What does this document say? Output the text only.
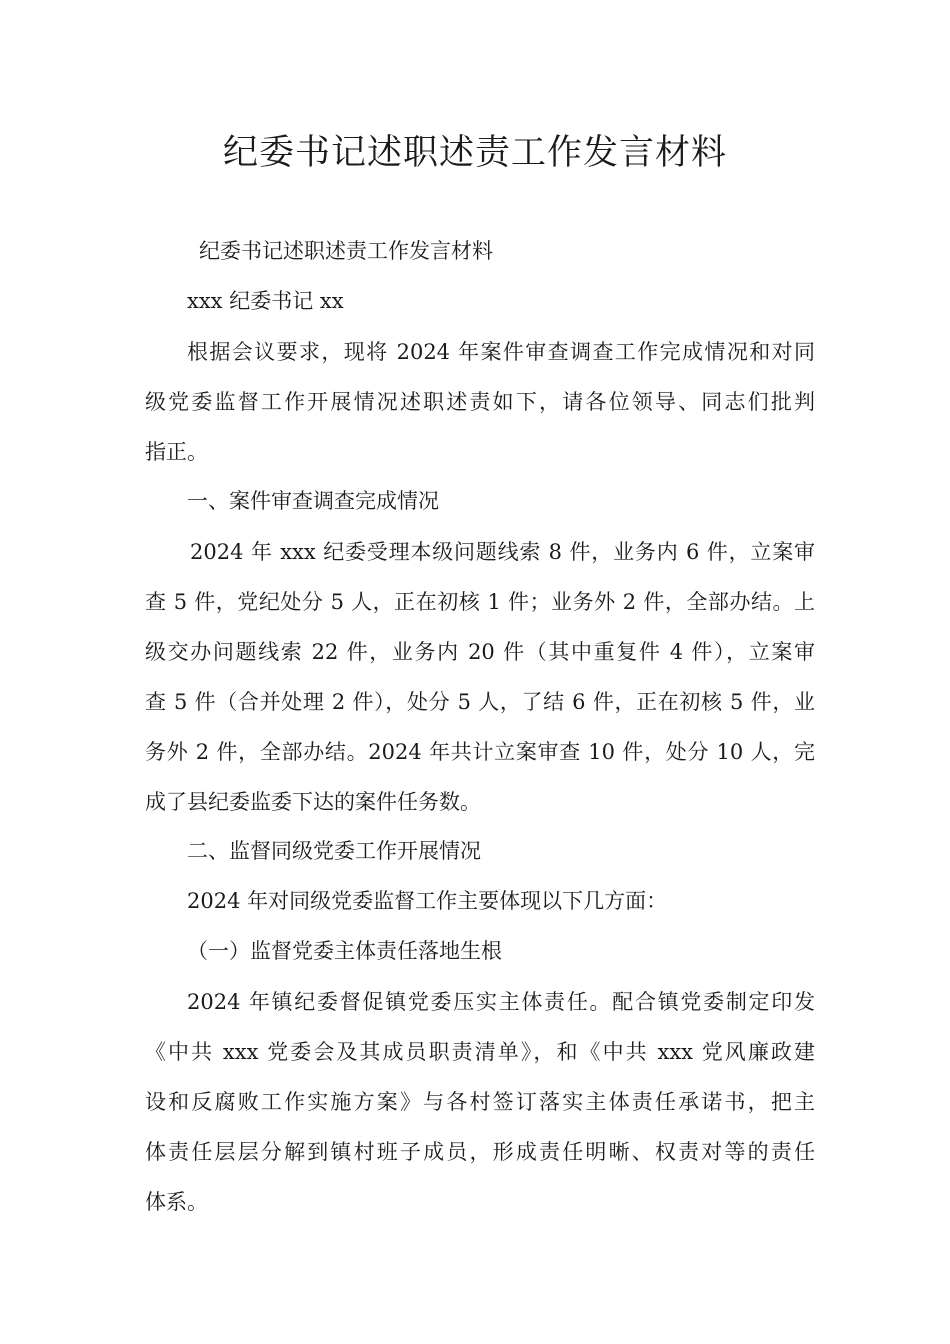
纪委书记述职述责工作发言材料

纪委书记述职述责工作发言材料

xxx 纪委书记 xx

根据会议要求，现将 2024 年案件审查调查工作完成情况和对同

级党委监督工作开展情况述职述责如下，请各位领导、同志们批判

指正。

一、案件审查调查完成情况

2024 年 xxx 纪委受理本级问题线索 8 件，业务内 6 件，立案审

查 5 件，党纪处分 5 人，正在初核 1 件；业务外 2 件，全部办结。上

级交办问题线索 22 件，业务内 20 件（其中重复件 4 件），立案审

查 5 件（合并处理 2 件），处分 5 人，了结 6 件，正在初核 5 件，业

务外 2 件，全部办结。2024 年共计立案审查 10 件，处分 10 人，完

成了县纪委监委下达的案件任务数。

二、监督同级党委工作开展情况

2024 年对同级党委监督工作主要体现以下几方面：

（一）监督党委主体责任落地生根

2024 年镇纪委督促镇党委压实主体责任。配合镇党委制定印发

《中共 xxx 党委会及其成员职责清单》，和《中共 xxx 党风廉政建

设和反腐败工作实施方案》与各村签订落实主体责任承诺书，把主

体责任层层分解到镇村班子成员，形成责任明晰、权责对等的责任

体系。
